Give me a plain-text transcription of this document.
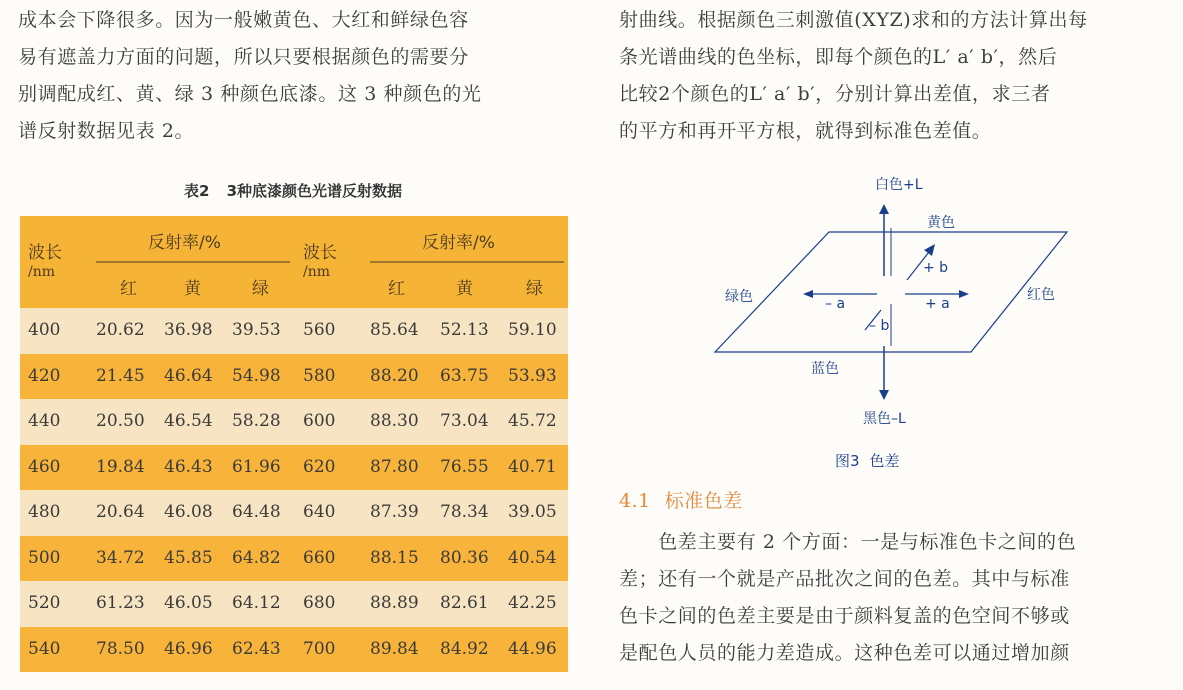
成本会下降很多。因为一般嫩黄色、大红和鲜绿色容

易有遮盖力方面的问题，所以只要根据颜色的需要分

别调配成红、黄、绿 3 种颜色底漆。这 3 种颜色的光

谱反射数据见表 2。

表2 3种底漆颜色光谱反射数据
波长
/nm
反射率/%
红	黄	绿
波长
/nm
反射率/%
红	黄	绿
400 20.62 36.98 39.53 560 85.64 52.13 59.10
420 21.45 46.64 54.98 580 88.20 63.75 53.93
440 20.50 46.54 58.28 600 88.30 73.04 45.72
460 19.84 46.43 61.96 620 87.80 76.55 40.71
480 20.64 46.08 64.48 640 87.39 78.34 39.05
500 34.72 45.85 64.82 660 88.15 80.36 40.54
520 61.23 46.05 64.12 680 88.89 82.61 42.25
540 78.50 46.96 62.43 700 89.84 84.92 44.96

射曲线。根据颜色三刺激值(XYZ)求和的方法计算出每

条光谱曲线的色坐标，即每个颜色的L′ a′ b′，然后

比较2个颜色的L′ a′ b′，分别计算出差值，求三者

的平方和再开平方根，就得到标准色差值。

白色+L
黄色
+ b
绿色	– a	+ a
红色
– b
蓝色
黑色–L
图3 色差
4.1 标准色差

　　色差主要有 2 个方面：一是与标准色卡之间的色

差；还有一个就是产品批次之间的色差。其中与标准

色卡之间的色差主要是由于颜料复盖的色空间不够或

是配色人员的能力差造成。这种色差可以通过增加颜
